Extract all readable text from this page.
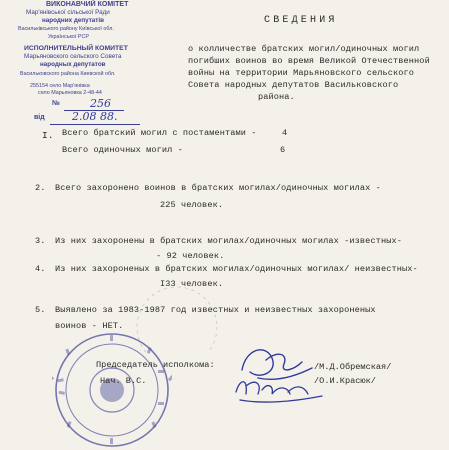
ВИКОНАВЧИЙ КОМІТЕТ
Мар'янівської сільської Ради
народних депутатів
Васильківського району Київської обл.
Української РСР
ИСПОЛНИТЕЛЬНЫЙ КОМИТЕТ
Марьяновского сельского Совета
народных депутатов
Васильковского района Киевской обл.
255154 село Мар'янівка
село Марьяновка 2-48-44
№	256
від 2.08 88.
СВЕДЕНИЯ
о колличестве братских могил/одиночных могил
погибших воинов во время Великой Отечественной
войны на территории Марьяновского сельского
Совета народных депутатов Васильковского
района.
I. Всего братский могил с постаментами -	4
Всего одиночных могил -	6
2. Всего захоронено воинов в братских могилах/одиночных могилах -
225 человек.
3. Из них захоронены в братских могилах/одиночных могилах -известных-
- 92 человек.
4. Из них захороненых в братских могилах/одиночных могилах/ неизвестных-
I33 человек.
5. Выявлено за 1983-1987 год известных и неизвестных захороненых
воинов - НЕТ.
Председатель исполкома:
Нач. В.С.
/М.Д.Обремская/
/О.И.Красюк/
